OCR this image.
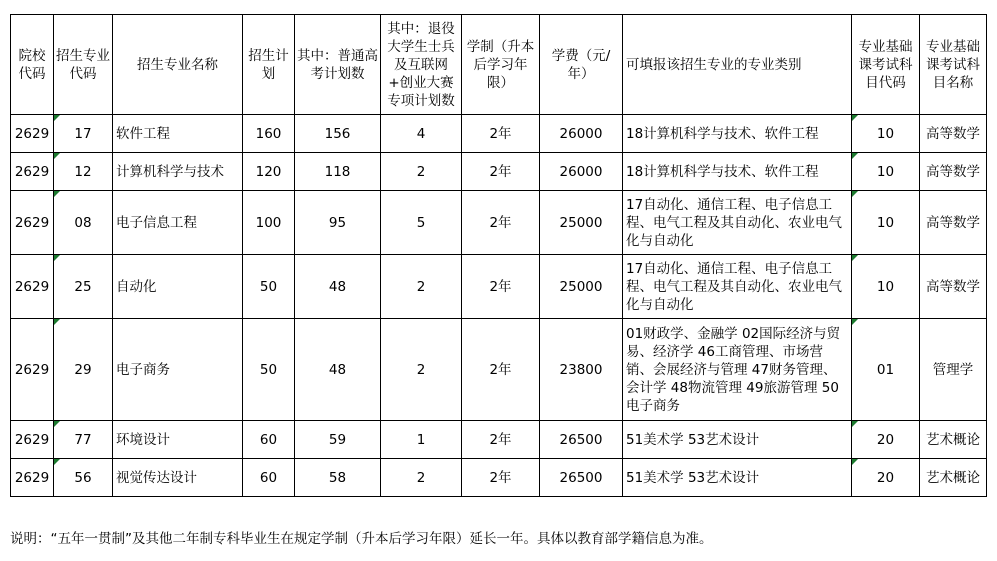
院校代码	招生专业代码	招生专业名称	招生计划	其中：普通高考计划数	其中：退役大学生士兵及互联网+创业大赛专项计划数	学制（升本后学习年限）	学费（元/年）	可填报该招生专业的专业类别	专业基础课考试科目代码	专业基础课考试科目名称
2629	17	软件工程	160	156	4	2年	26000	18计算机科学与技术、软件工程	10	高等数学
2629	12	计算机科学与技术	120	118	2	2年	26000	18计算机科学与技术、软件工程	10	高等数学
2629	08	电子信息工程	100	95	5	2年	25000	17自动化、通信工程、电子信息工程、电气工程及其自动化、农业电气化与自动化	10	高等数学
2629	25	自动化	50	48	2	2年	25000	17自动化、通信工程、电子信息工程、电气工程及其自动化、农业电气化与自动化	10	高等数学
2629	29	电子商务	50	48	2	2年	23800	01财政学、金融学 02国际经济与贸易、经济学 46工商管理、市场营销、会展经济与管理 47财务管理、会计学 48物流管理 49旅游管理 50电子商务	01	管理学
2629	77	环境设计	60	59	1	2年	26500	51美术学 53艺术设计	20	艺术概论
2629	56	视觉传达设计	60	58	2	2年	26500	51美术学 53艺术设计	20	艺术概论
说明：“五年一贯制”及其他二年制专科毕业生在规定学制（升本后学习年限）延长一年。具体以教育部学籍信息为准。
